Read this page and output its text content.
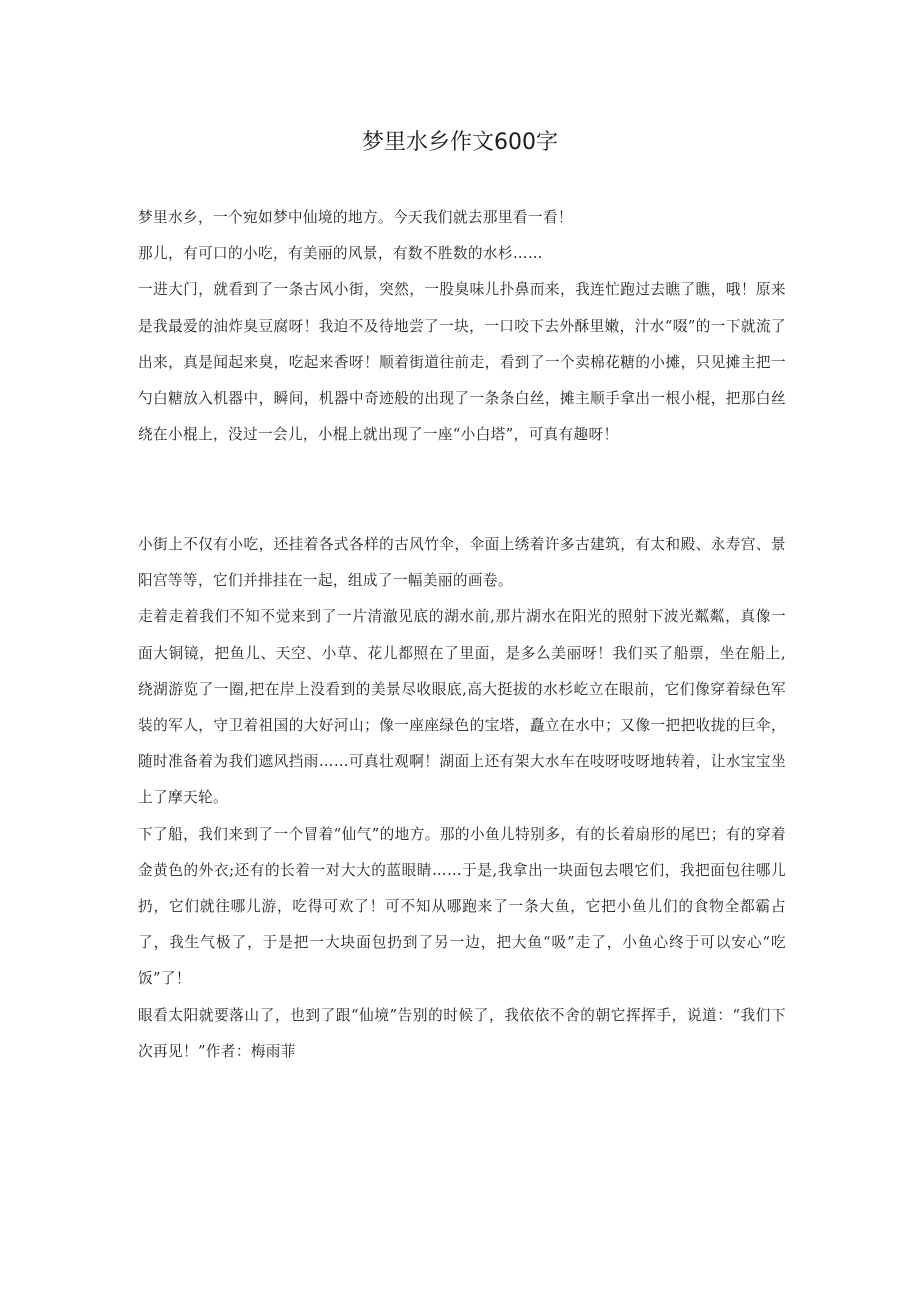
梦里水乡作文600字

梦里水乡，一个宛如梦中仙境的地方。今天我们就去那里看一看！

那儿，有可口的小吃，有美丽的风景，有数不胜数的水杉……

一进大门，就看到了一条古风小街，突然，一股臭味儿扑鼻而来，我连忙跑过去瞧了瞧，哦！原来是我最爱的油炸臭豆腐呀！我迫不及待地尝了一块，一口咬下去外酥里嫩，汁水“啜”的一下就流了出来，真是闻起来臭，吃起来香呀！顺着街道往前走，看到了一个卖棉花糖的小摊，只见摊主把一勺白糖放入机器中，瞬间，机器中奇迹般的出现了一条条白丝，摊主顺手拿出一根小棍，把那白丝绕在小棍上，没过一会儿，小棍上就出现了一座“小白塔”，可真有趣呀！

小街上不仅有小吃，还挂着各式各样的古风竹伞，伞面上绣着许多古建筑，有太和殿、永寿宫、景阳宫等等，它们并排挂在一起，组成了一幅美丽的画卷。

走着走着我们不知不觉来到了一片清澈见底的湖水前,那片湖水在阳光的照射下波光粼粼，真像一面大铜镜，把鱼儿、天空、小草、花儿都照在了里面，是多么美丽呀！我们买了船票，坐在船上,绕湖游览了一圈,把在岸上没看到的美景尽收眼底,高大挺拔的水杉屹立在眼前，它们像穿着绿色军装的军人，守卫着祖国的大好河山；像一座座绿色的宝塔，矗立在水中；又像一把把收拢的巨伞，随时准备着为我们遮风挡雨……可真壮观啊！湖面上还有架大水车在吱呀吱呀地转着，让水宝宝坐上了摩天轮。

下了船，我们来到了一个冒着“仙气”的地方。那的小鱼儿特别多，有的长着扇形的尾巴；有的穿着金黄色的外衣;还有的长着一对大大的蓝眼睛……于是,我拿出一块面包去喂它们，我把面包往哪儿扔，它们就往哪儿游，吃得可欢了！可不知从哪跑来了一条大鱼，它把小鱼儿们的食物全都霸占了，我生气极了，于是把一大块面包扔到了另一边，把大鱼“吸”走了，小鱼心终于可以安心“吃饭”了！

眼看太阳就要落山了，也到了跟“仙境”告别的时候了，我依依不舍的朝它挥挥手，说道：“我们下次再见！”作者：梅雨菲
